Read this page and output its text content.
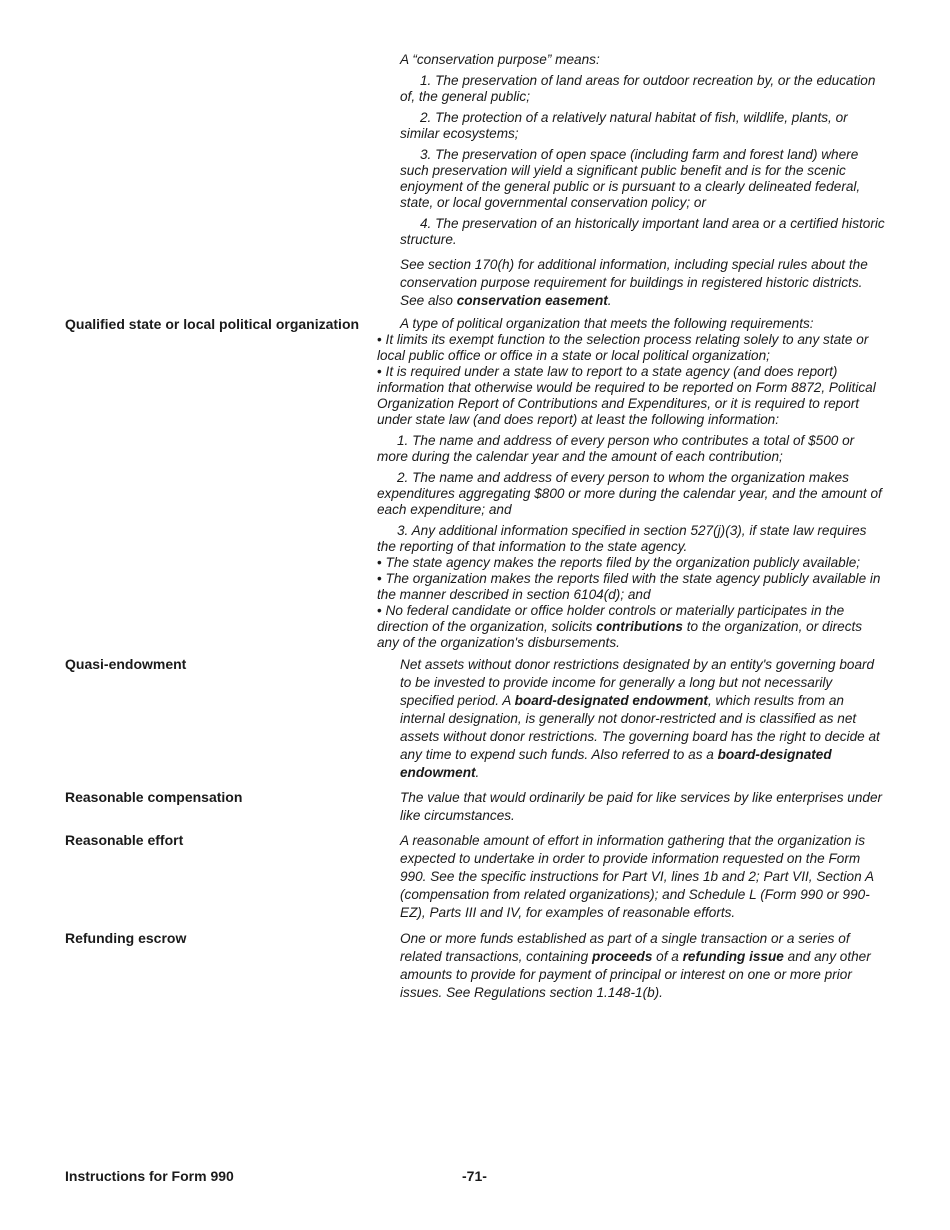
A “conservation purpose” means:

1. The preservation of land areas for outdoor recreation by, or the education of, the general public;

2. The protection of a relatively natural habitat of fish, wildlife, plants, or similar ecosystems;

3. The preservation of open space (including farm and forest land) where such preservation will yield a significant public benefit and is for the scenic enjoyment of the general public or is pursuant to a clearly delineated federal, state, or local governmental conservation policy; or

4. The preservation of an historically important land area or a certified historic structure.

See section 170(h) for additional information, including special rules about the conservation purpose requirement for buildings in registered historic districts. See also conservation easement.

Qualified state or local political organization	A type of political organization that meets the following requirements:

• It limits its exempt function to the selection process relating solely to any state or local public office or office in a state or local political organization;

• It is required under a state law to report to a state agency (and does report) information that otherwise would be required to be reported on Form 8872, Political Organization Report of Contributions and Expenditures, or it is required to report under state law (and does report) at least the following information:

1. The name and address of every person who contributes a total of $500 or more during the calendar year and the amount of each contribution;

2. The name and address of every person to whom the organization makes expenditures aggregating $800 or more during the calendar year, and the amount of each expenditure; and

3. Any additional information specified in section 527(j)(3), if state law requires the reporting of that information to the state agency.

• The state agency makes the reports filed by the organization publicly available;

• The organization makes the reports filed with the state agency publicly available in the manner described in section 6104(d); and

• No federal candidate or office holder controls or materially participates in the direction of the organization, solicits contributions to the organization, or directs any of the organization's disbursements.

Quasi-endowment	Net assets without donor restrictions designated by an entity's governing board to be invested to provide income for generally a long but not necessarily specified period. A board-designated endowment, which results from an internal designation, is generally not donor-restricted and is classified as net assets without donor restrictions. The governing board has the right to decide at any time to expend such funds. Also referred to as a board-designated endowment.

Reasonable compensation	The value that would ordinarily be paid for like services by like enterprises under like circumstances.

Reasonable effort	A reasonable amount of effort in information gathering that the organization is expected to undertake in order to provide information requested on the Form 990. See the specific instructions for Part VI, lines 1b and 2; Part VII, Section A (compensation from related organizations); and Schedule L (Form 990 or 990-EZ), Parts III and IV, for examples of reasonable efforts.

Refunding escrow	One or more funds established as part of a single transaction or a series of related transactions, containing proceeds of a refunding issue and any other amounts to provide for payment of principal or interest on one or more prior issues. See Regulations section 1.148-1(b).

Instructions for Form 990	-71-
